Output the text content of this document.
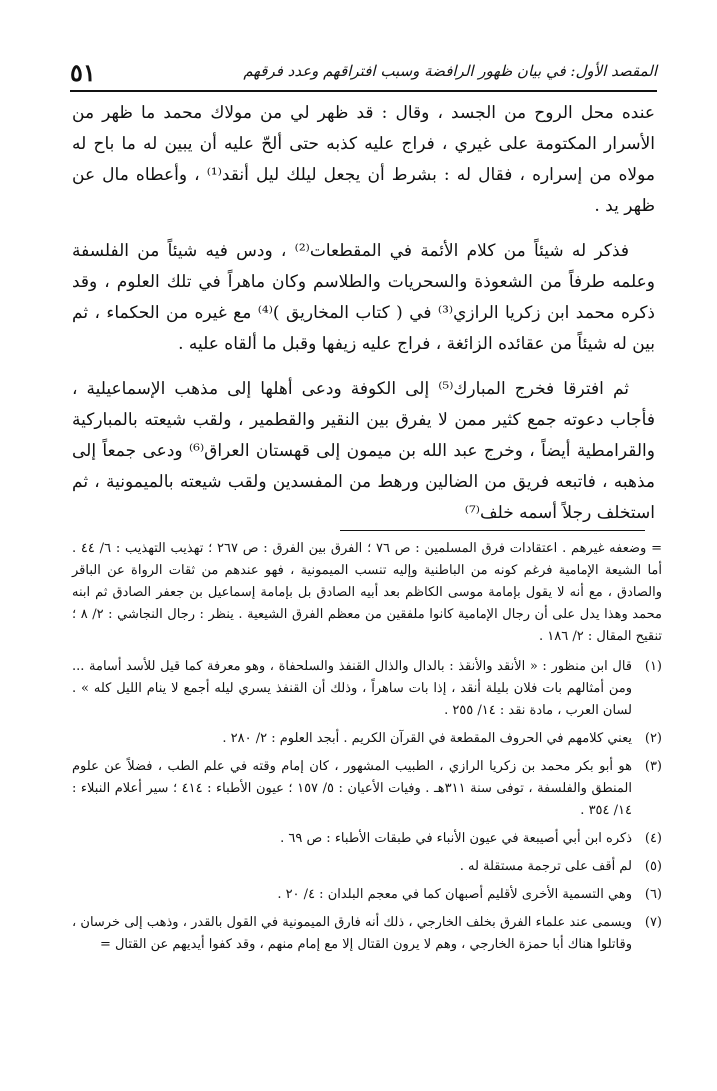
٥١	المقصد الأول: في بيان ظهور الرافضة وسبب افتراقهم وعدد فرقهم

عنده محل الروح من الجسد ، وقال : قد ظهر لي من مولاك محمد ما ظهر من الأسرار المكتومة على غيري ، فراج عليه كذبه حتى ألحّ عليه أن يبين له ما باح له مولاه من إسراره ، فقال له : بشرط أن يجعل ليلك ليل أنقد⁽¹⁾ ، وأعطاه مال عن ظهر يد .

فذكر له شيئاً من كلام الأئمة في المقطعات⁽²⁾ ، ودس فيه شيئاً من الفلسفة وعلمه طرفاً من الشعوذة والسحريات والطلاسم وكان ماهراً في تلك العلوم ، وقد ذكره محمد ابن زكريا الرازي⁽³⁾ في ( كتاب المخاريق )⁽⁴⁾ مع غيره من الحكماء ، ثم بين له شيئاً من عقائده الزائغة ، فراج عليه زيفها وقبل ما ألقاه عليه .

ثم افترقا فخرج المبارك⁽⁵⁾ إلى الكوفة ودعى أهلها إلى مذهب الإسماعيلية ، فأجاب دعوته جمع كثير ممن لا يفرق بين النقير والقطمير ، ولقب شيعته بالمباركية والقرامطية أيضاً ، وخرج عبد الله بن ميمون إلى قهستان العراق⁽⁶⁾ ودعى جمعاً إلى مذهبه ، فاتبعه فريق من الضالين ورهط من المفسدين ولقب شيعته بالميمونية ، ثم استخلف رجلاً أسمه خلف⁽⁷⁾

= وضعفه غيرهم . اعتقادات فرق المسلمين : ص ٧٦ ؛ الفرق بين الفرق : ص ٢٦٧ ؛ تهذيب التهذيب : ٦/ ٤٤ . أما الشيعة الإمامية فرغم كونه من الباطنية وإليه تنسب الميمونية ، فهو عندهم من ثقات الرواة عن الباقر والصادق ، مع أنه لا يقول بإمامة موسى الكاظم بعد أبيه الصادق بل بإمامة إسماعيل بن جعفر الصادق ثم ابنه محمد وهذا يدل على أن رجال الإمامية كانوا ملفقين من معظم الفرق الشيعية . ينظر : رجال النجاشي : ٢/ ٨ ؛ تنقيح المقال : ٢/ ١٨٦ .
(١)
قال ابن منظور : « الأنقد والأنقذ : بالدال والذال القنفذ والسلحفاة ، وهو معرفة كما قيل للأسد أسامة ... ومن أمثالهم بات فلان بليلة أنقد ، إذا بات ساهراً ، وذلك أن القنفذ يسري ليله أجمع لا ينام الليل كله » . لسان العرب ، مادة نقد : ١٤/ ٢٥٥ .
(٢)
يعني كلامهم في الحروف المقطعة في القرآن الكريم . أبجد العلوم : ٢/ ٢٨٠ .
(٣)
هو أبو بكر محمد بن زكريا الرازي ، الطبيب المشهور ، كان إمام وقته في علم الطب ، فضلاً عن علوم المنطق والفلسفة ، توفى سنة ٣١١هـ . وفيات الأعيان : ٥/ ١٥٧ ؛ عيون الأطباء : ٤١٤ ؛ سير أعلام النبلاء : ١٤/ ٣٥٤ .
(٤)
ذكره ابن أبي أصيبعة في عيون الأنباء في طبقات الأطباء : ص ٦٩ .
(٥)
لم أقف على ترجمة مستقلة له .
(٦)
وهي التسمية الأخرى لأقليم أصبهان كما في معجم البلدان : ٤/ ٢٠ .
(٧)
ويسمى عند علماء الفرق بخلف الخارجي ، ذلك أنه فارق الميمونية في القول بالقدر ، وذهب إلى خرسان ، وقاتلوا هناك أبا حمزة الخارجي ، وهم لا يرون القتال إلا مع إمام منهم ، وقد كفوا أيديهم عن القتال =
